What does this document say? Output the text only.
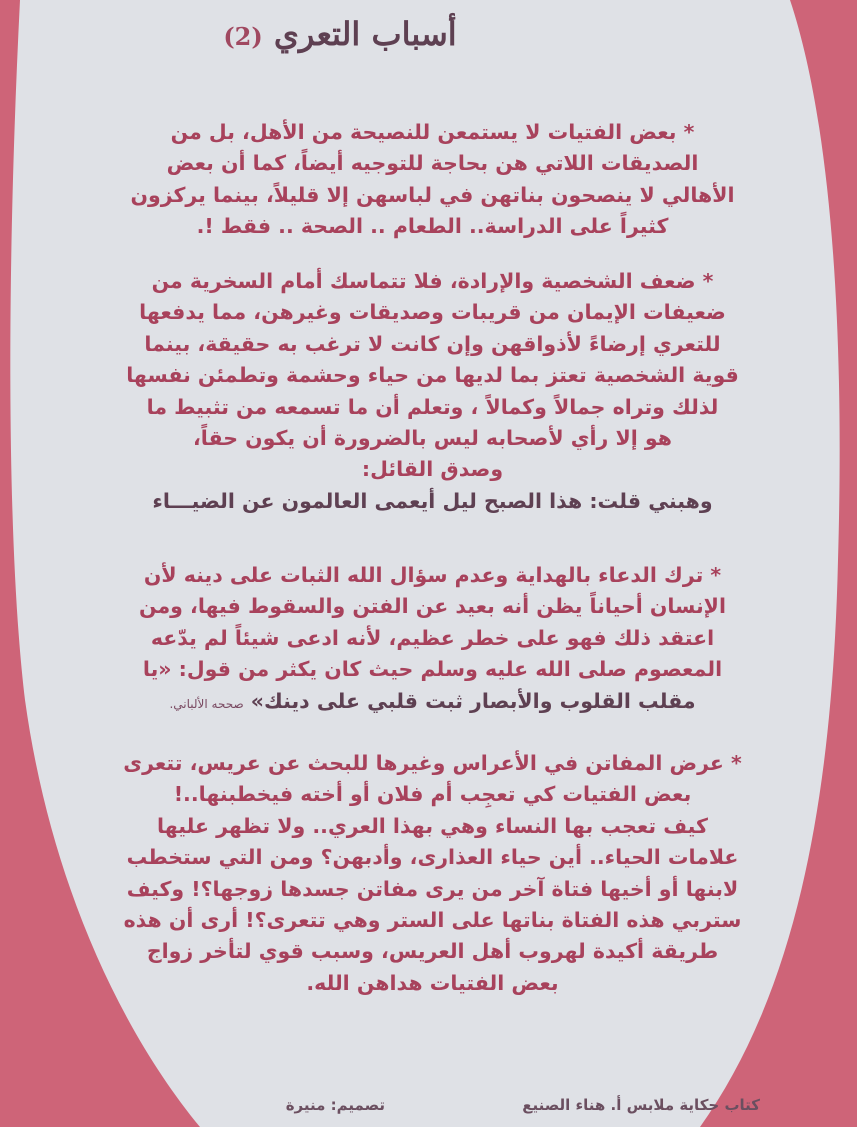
أسباب التعري (2)
* بعض الفتيات لا يستمعن للنصيحة من الأهل، بل من
الصديقات اللاتي هن بحاجة للتوجيه أيضاً، كما أن بعض
الأهالي لا ينصحون بناتهن في لباسهن إلا قليلاً، بينما يركزون
كثيراً على الدراسة.. الطعام .. الصحة .. فقط !.
* ضعف الشخصية والإرادة، فلا تتماسك أمام السخرية من
ضعيفات الإيمان من قريبات وصديقات وغيرهن، مما يدفعها
للتعري إرضاءً لأذواقهن وإن كانت لا ترغب به حقيقة، بينما
قوية الشخصية تعتز بما لديها من حياء وحشمة وتطمئن نفسها
لذلك وتراه جمالاً وكمالاً ، وتعلم أن ما تسمعه من تثبيط ما
هو إلا رأي لأصحابه ليس بالضرورة أن يكون حقاً،
وصدق القائل:
وهبني قلت: هذا الصبح ليل أيعمى العالمون عن الضيـــاء
* ترك الدعاء بالهداية وعدم سؤال الله الثبات على دينه لأن
الإنسان أحياناً يظن أنه بعيد عن الفتن والسقوط فيها، ومن
اعتقد ذلك فهو على خطر عظيم، لأنه ادعى شيئاً لم يدّعه
المعصوم صلى الله عليه وسلم حيث كان يكثر من قول: «يا
مقلب القلوب والأبصار ثبت قلبي على دينك» صححه الألباني.
* عرض المفاتن في الأعراس وغيرها للبحث عن عريس، تتعرى
بعض الفتيات كي تعجِب أم فلان أو أخته فيخطبنها..!
كيف تعجب بها النساء وهي بهذا العري.. ولا تظهر عليها
علامات الحياء.. أين حياء العذارى، وأدبهن؟ ومن التي ستخطب
لابنها أو أخيها فتاة آخر من يرى مفاتن جسدها زوجها؟! وكيف
ستربي هذه الفتاة بناتها على الستر وهي تتعرى؟! أرى أن هذه
طريقة أكيدة لهروب أهل العريس، وسبب قوي لتأخر زواج
بعض الفتيات هداهن الله.
كتاب حكاية ملابس أ. هناء الصنيع
تصميم: منيرة
